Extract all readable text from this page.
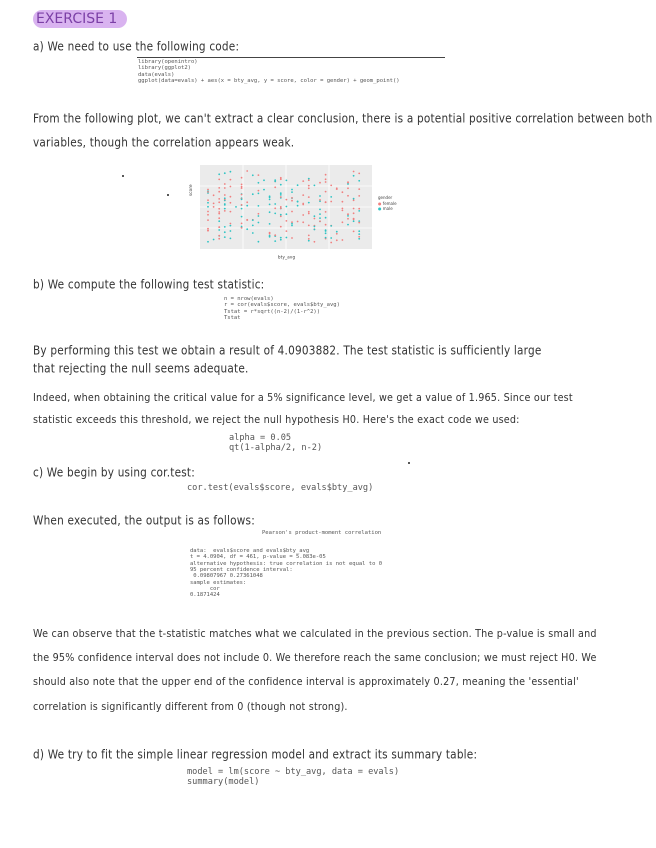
EXERCISE 1
a) We need to use the following code:
library(openintro)
library(ggplot2)
data(evals)
ggplot(data=evals) + aes(x = bty_avg, y = score, color = gender) + geom_point()
From the following plot, we can't extract a clear conclusion, there is a potential positive correlation between both
variables, though the correlation appears weak.
score
bty_avg
gender
● female
● male
b) We compute the following test statistic:
n = nrow(evals)
r = cor(evals$score, evals$bty_avg)
Tstat = r*sqrt((n-2)/(1-r^2))
Tstat
By performing this test we obtain a result of 4.0903882. The test statistic is sufficiently large
that rejecting the null seems adequate.
Indeed, when obtaining the critical value for a 5% significance level, we get a value of 1.965. Since our test
statistic exceeds this threshold, we reject the null hypothesis H0. Here's the exact code we used:
alpha = 0.05
qt(1-alpha/2, n-2)
c) We begin by using cor.test:
cor.test(evals$score, evals$bty_avg)
When executed, the output is as follows:
Pearson's product-moment correlation
data:  evals$score and evals$bty_avg
t = 4.0904, df = 461, p-value = 5.083e-05
alternative hypothesis: true correlation is not equal to 0
95 percent confidence interval:
0.09807967 0.27361048
sample estimates:
cor
0.1871424
We can observe that the t-statistic matches what we calculated in the previous section. The p-value is small and
the 95% confidence interval does not include 0. We therefore reach the same conclusion; we must reject H0. We
should also note that the upper end of the confidence interval is approximately 0.27, meaning the 'essential'
correlation is significantly different from 0 (though not strong).
d) We try to fit the simple linear regression model and extract its summary table:
model = lm(score ~ bty_avg, data = evals)
summary(model)
